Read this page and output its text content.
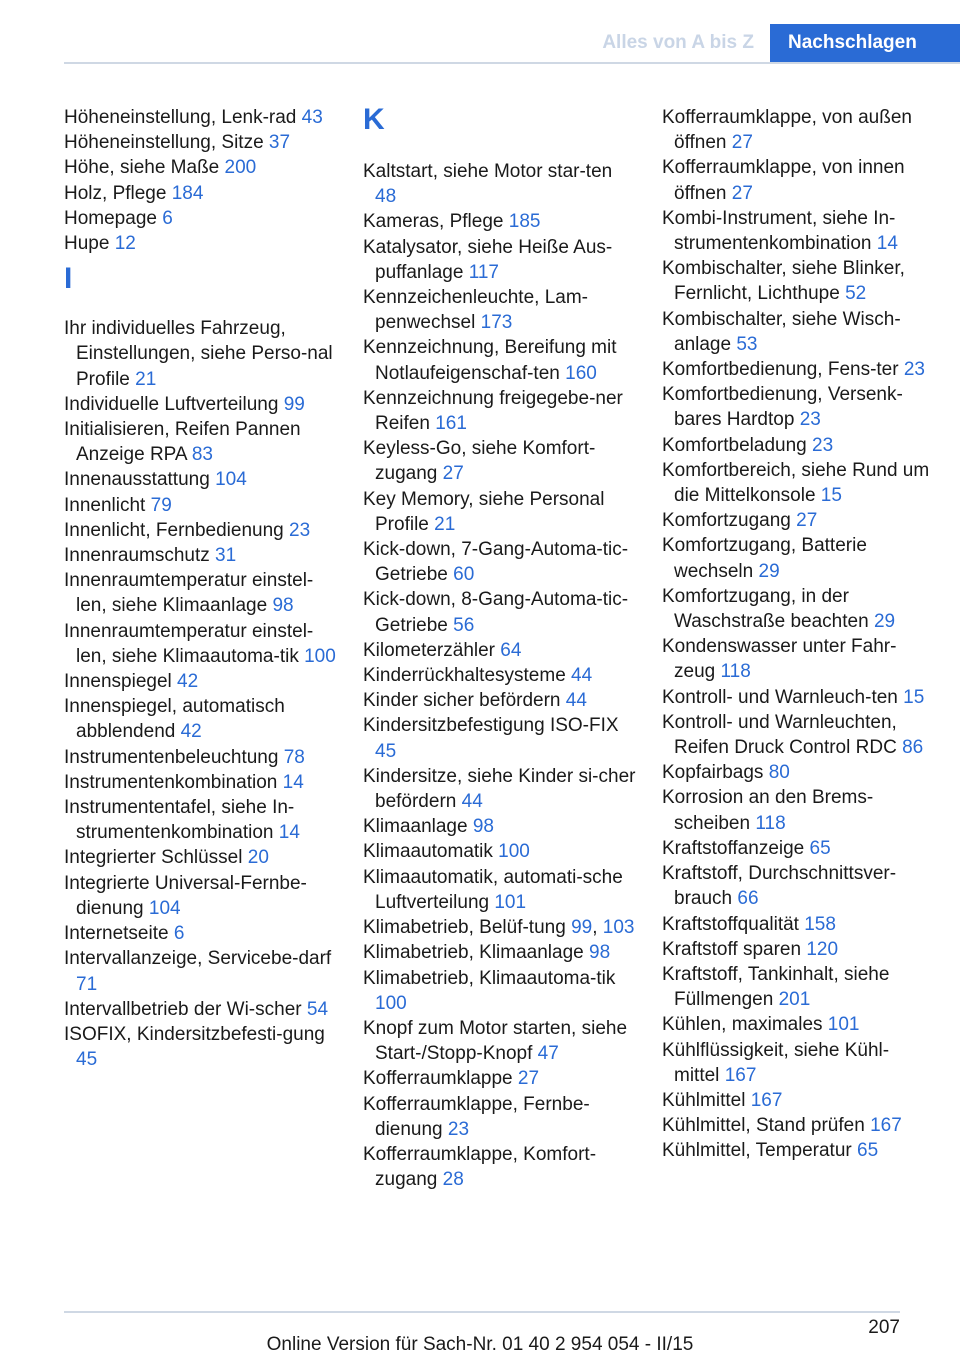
Alles von A bis Z	Nachschlagen

Höheneinstellung, Lenk-rad 43

Höheneinstellung, Sitze 37

Höhe, siehe Maße 200

Holz, Pflege 184

Homepage 6

Hupe 12

I

Ihr individuelles Fahrzeug, Einstellungen, siehe Perso-nal Profile 21

Individuelle Luftverteilung 99

Initialisieren, Reifen Pannen Anzeige RPA 83

Innenausstattung 104

Innenlicht 79

Innenlicht, Fernbedienung 23

Innenraumschutz 31

Innenraumtemperatur einstel-len, siehe Klimaanlage 98

Innenraumtemperatur einstel-len, siehe Klimaautoma-tik 100

Innenspiegel 42

Innenspiegel, automatisch abblendend 42

Instrumentenbeleuchtung 78

Instrumentenkombination 14

Instrumententafel, siehe In-strumentenkombination 14

Integrierter Schlüssel 20

Integrierte Universal-Fernbe-dienung 104

Internetseite 6

Intervallanzeige, Servicebe-darf 71

Intervallbetrieb der Wi-scher 54

ISOFIX, Kindersitzbefesti-gung 45

K

Kaltstart, siehe Motor star-ten 48

Kameras, Pflege 185

Katalysator, siehe Heiße Aus-puffanlage 117

Kennzeichenleuchte, Lam-penwechsel 173

Kennzeichnung, Bereifung mit Notlaufeigenschaf-ten 160

Kennzeichnung freigegebe-ner Reifen 161

Keyless-Go, siehe Komfort-zugang 27

Key Memory, siehe Personal Profile 21

Kick-down, 7-Gang-Automa-tic-Getriebe 60

Kick-down, 8-Gang-Automa-tic-Getriebe 56

Kilometerzähler 64

Kinderrückhaltesysteme 44

Kinder sicher befördern 44

Kindersitzbefestigung ISO-FIX 45

Kindersitze, siehe Kinder si-cher befördern 44

Klimaanlage 98

Klimaautomatik 100

Klimaautomatik, automati-sche Luftverteilung 101

Klimabetrieb, Belüf-tung 99, 103

Klimabetrieb, Klimaanlage 98

Klimabetrieb, Klimaautoma-tik 100

Knopf zum Motor starten, siehe Start-/Stopp-Knopf 47

Kofferraumklappe 27

Kofferraumklappe, Fernbe-dienung 23

Kofferraumklappe, Komfort-zugang 28

Kofferraumklappe, von außen öffnen 27

Kofferraumklappe, von innen öffnen 27

Kombi-Instrument, siehe In-strumentenkombination 14

Kombischalter, siehe Blinker, Fernlicht, Lichthupe 52

Kombischalter, siehe Wisch-anlage 53

Komfortbedienung, Fens-ter 23

Komfortbedienung, Versenk-bares Hardtop 23

Komfortbeladung 23

Komfortbereich, siehe Rund um die Mittelkonsole 15

Komfortzugang 27

Komfortzugang, Batterie wechseln 29

Komfortzugang, in der Waschstraße beachten 29

Kondenswasser unter Fahr-zeug 118

Kontroll- und Warnleuch-ten 15

Kontroll- und Warnleuchten, Reifen Druck Control RDC 86

Kopfairbags 80

Korrosion an den Brems-scheiben 118

Kraftstoffanzeige 65

Kraftstoff, Durchschnittsver-brauch 66

Kraftstoffqualität 158

Kraftstoff sparen 120

Kraftstoff, Tankinhalt, siehe Füllmengen 201

Kühlen, maximales 101

Kühlflüssigkeit, siehe Kühl-mittel 167

Kühlmittel 167

Kühlmittel, Stand prüfen 167

Kühlmittel, Temperatur 65

207
Online Version für Sach-Nr. 01 40 2 954 054 - II/15
